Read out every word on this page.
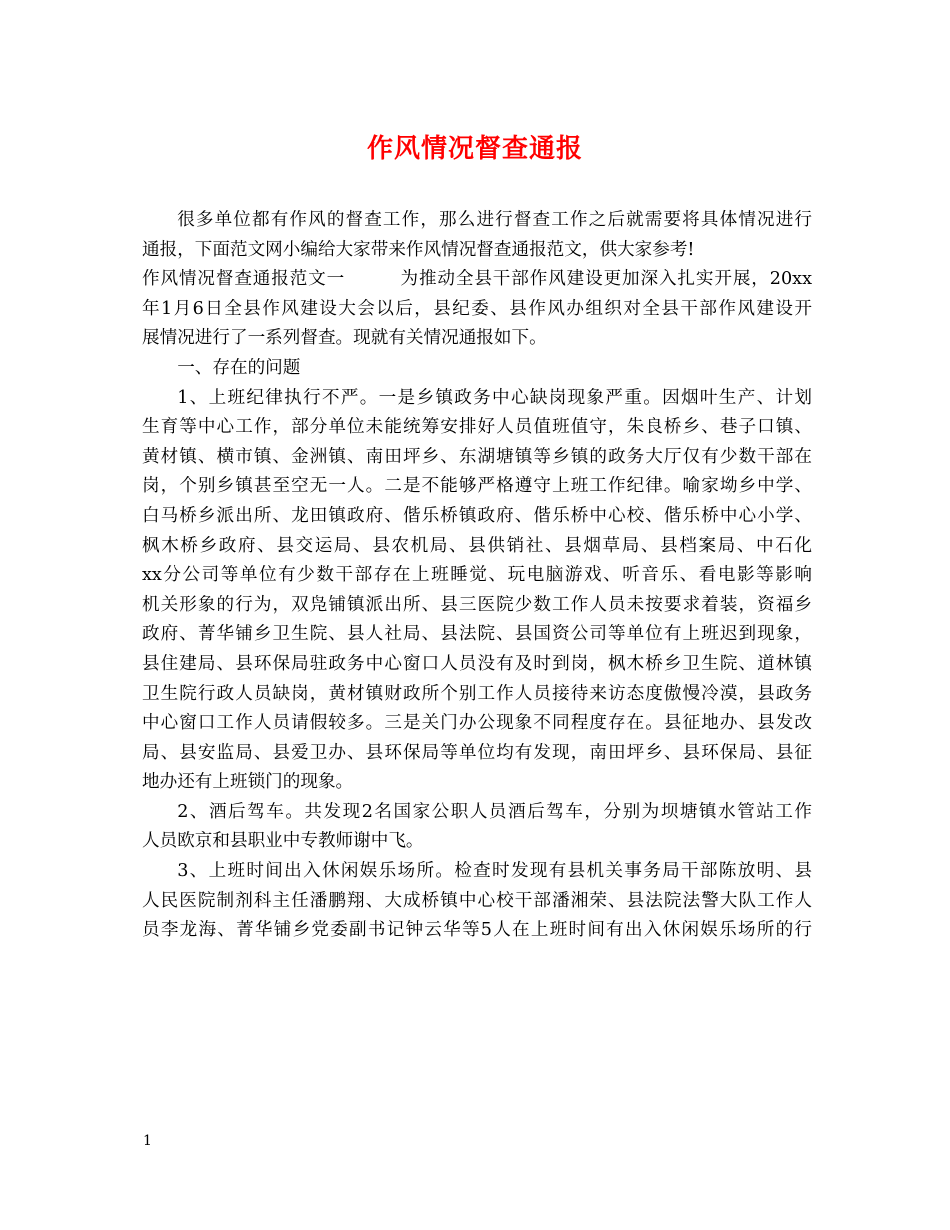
作风情况督查通报
很多单位都有作风的督查工作，那么进行督查工作之后就需要将具体情况进行
通报，下面范文网小编给大家带来作风情况督查通报范文，供大家参考!
作风情况督查通报范文一　　　为推动全县干部作风建设更加深入扎实开展，20xx
年1月6日全县作风建设大会以后，县纪委、县作风办组织对全县干部作风建设开
展情况进行了一系列督查。现就有关情况通报如下。
一、存在的问题
1、上班纪律执行不严。一是乡镇政务中心缺岗现象严重。因烟叶生产、计划
生育等中心工作，部分单位未能统筹安排好人员值班值守，朱良桥乡、巷子口镇、
黄材镇、横市镇、金洲镇、南田坪乡、东湖塘镇等乡镇的政务大厅仅有少数干部在
岗，个别乡镇甚至空无一人。二是不能够严格遵守上班工作纪律。喻家坳乡中学、
白马桥乡派出所、龙田镇政府、偕乐桥镇政府、偕乐桥中心校、偕乐桥中心小学、
枫木桥乡政府、县交运局、县农机局、县供销社、县烟草局、县档案局、中石化
xx分公司等单位有少数干部存在上班睡觉、玩电脑游戏、听音乐、看电影等影响
机关形象的行为，双凫铺镇派出所、县三医院少数工作人员未按要求着装，资福乡
政府、菁华铺乡卫生院、县人社局、县法院、县国资公司等单位有上班迟到现象，
县住建局、县环保局驻政务中心窗口人员没有及时到岗，枫木桥乡卫生院、道林镇
卫生院行政人员缺岗，黄材镇财政所个别工作人员接待来访态度傲慢冷漠，县政务
中心窗口工作人员请假较多。三是关门办公现象不同程度存在。县征地办、县发改
局、县安监局、县爱卫办、县环保局等单位均有发现，南田坪乡、县环保局、县征
地办还有上班锁门的现象。
2、酒后驾车。共发现2名国家公职人员酒后驾车，分别为坝塘镇水管站工作
人员欧京和县职业中专教师谢中飞。
3、上班时间出入休闲娱乐场所。检查时发现有县机关事务局干部陈放明、县
人民医院制剂科主任潘鹏翔、大成桥镇中心校干部潘湘荣、县法院法警大队工作人
员李龙海、菁华铺乡党委副书记钟云华等5人在上班时间有出入休闲娱乐场所的行
1
